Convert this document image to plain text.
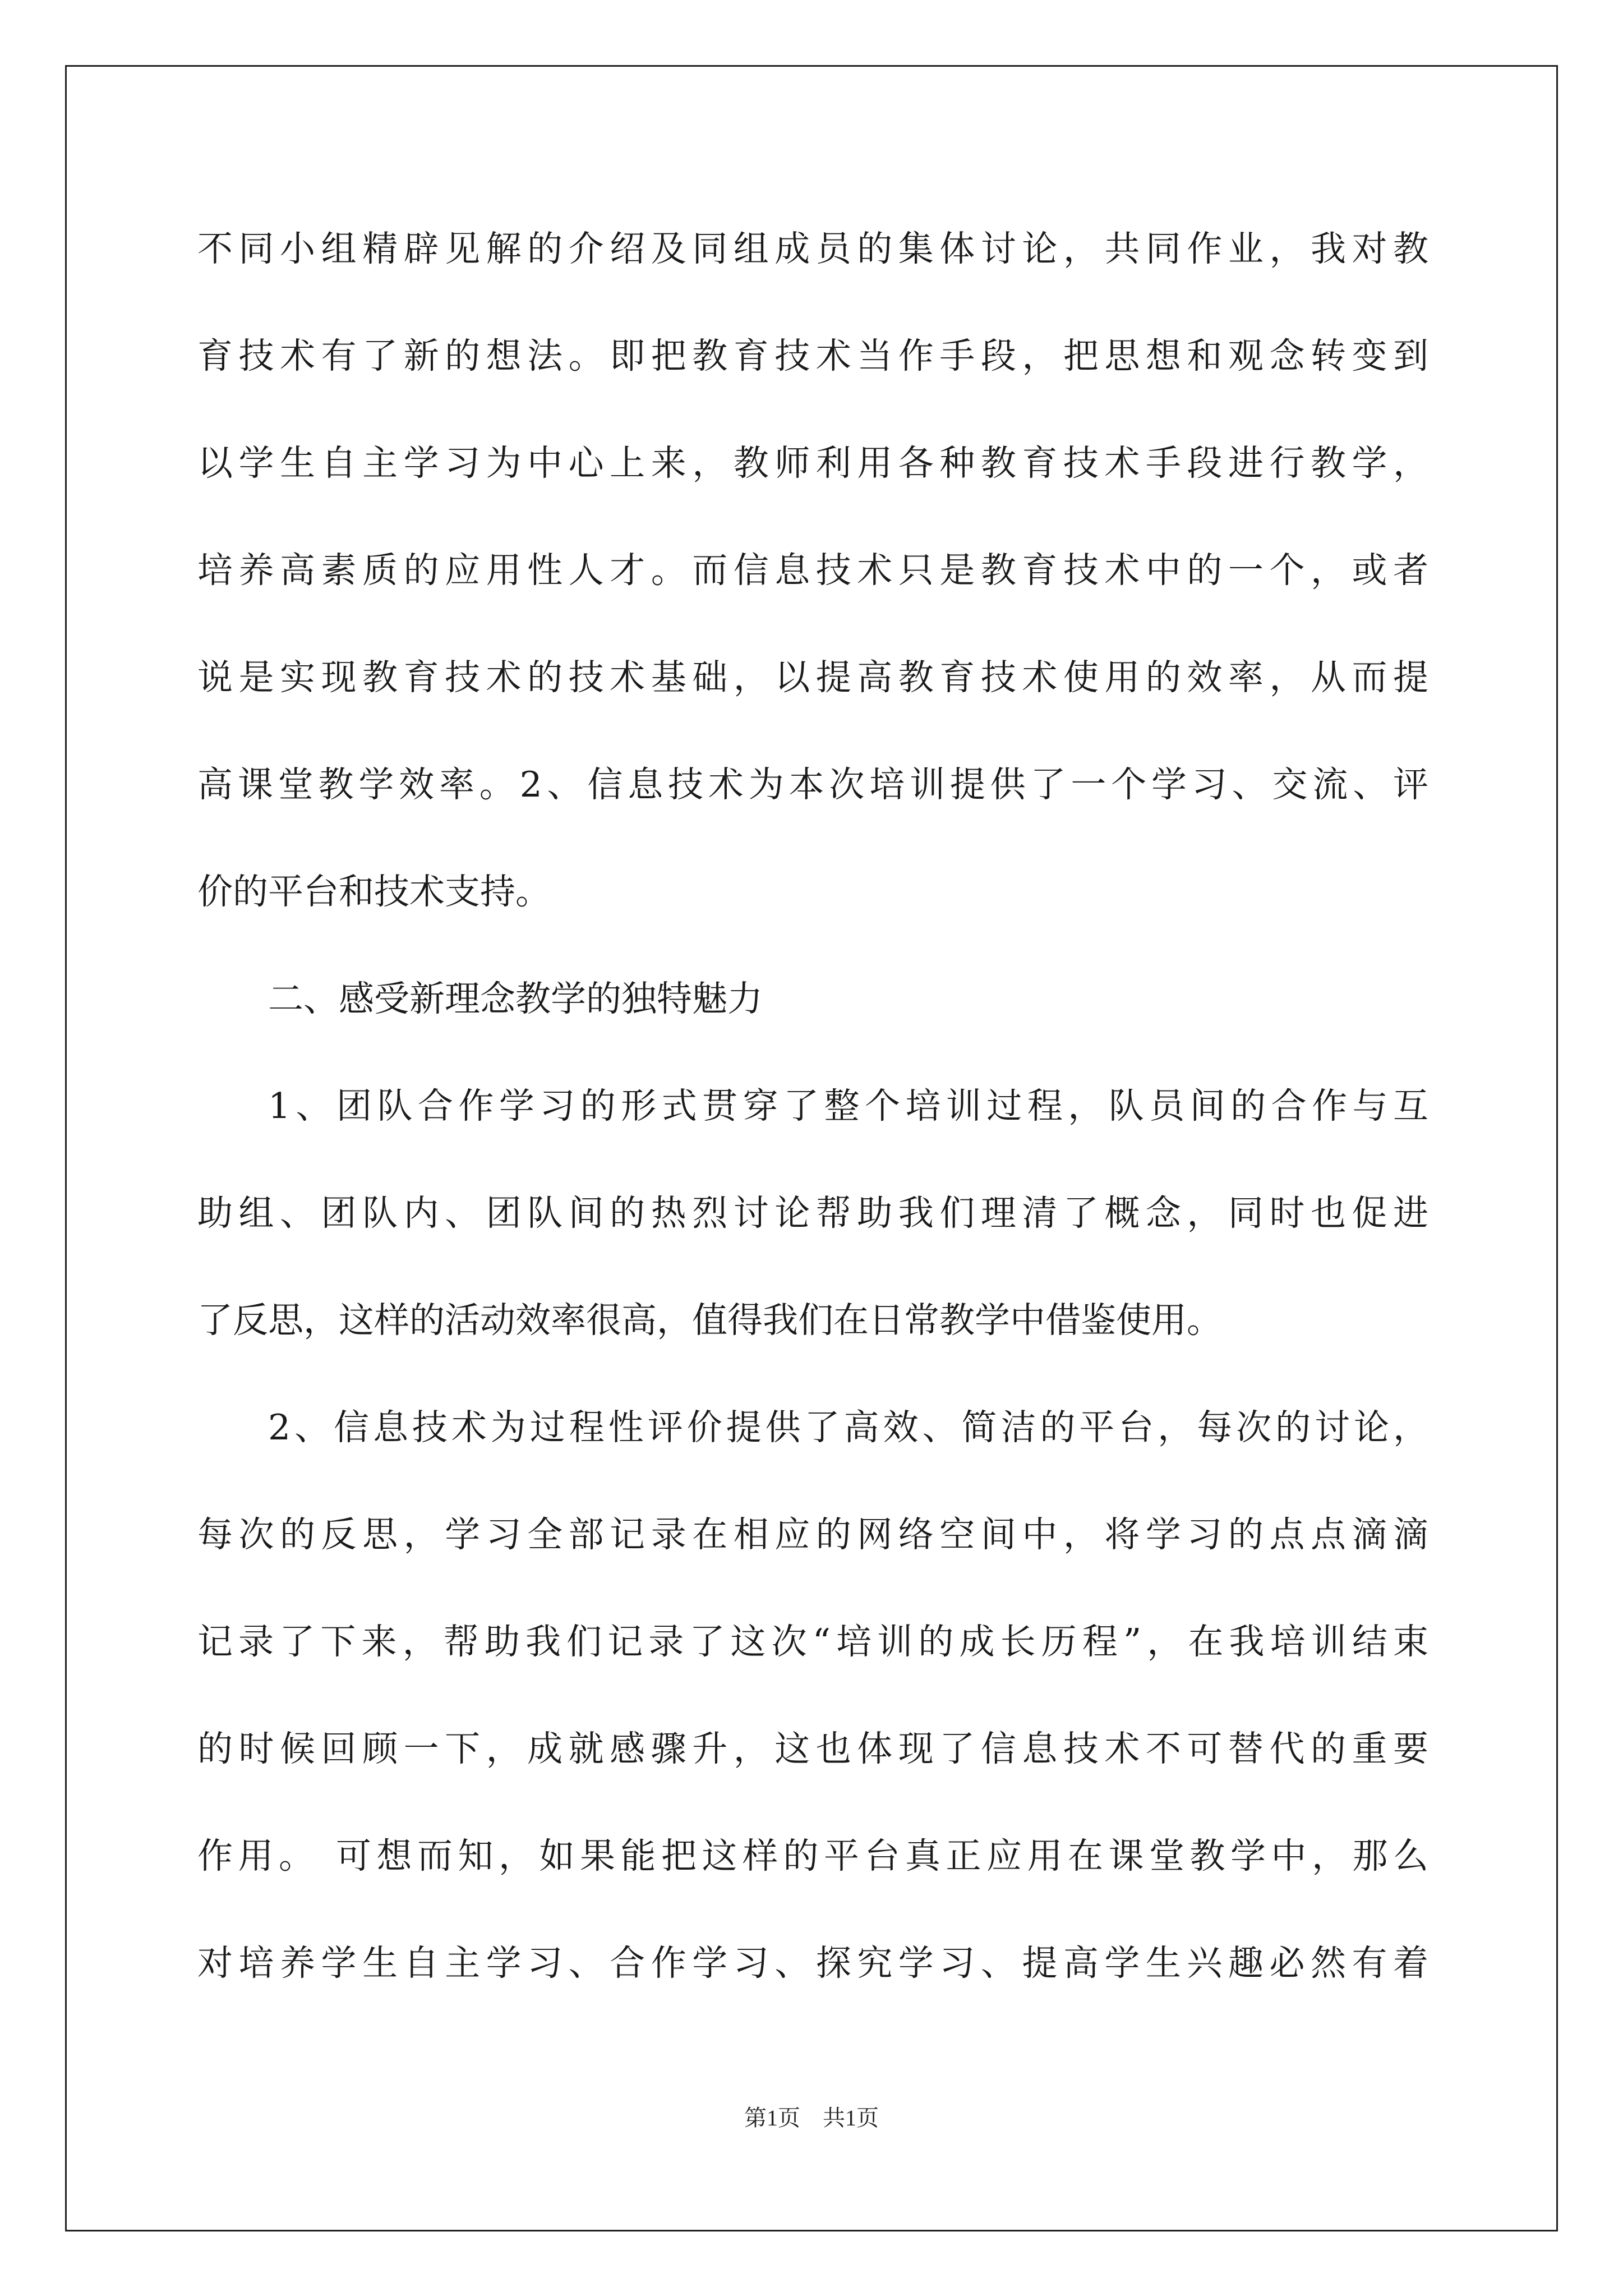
不同小组精辟见解的介绍及同组成员的集体讨论，共同作业，我对教
育技术有了新的想法。即把教育技术当作手段，把思想和观念转变到
以学生自主学习为中心上来，教师利用各种教育技术手段进行教学，
培养高素质的应用性人才。而信息技术只是教育技术中的一个，或者
说是实现教育技术的技术基础，以提高教育技术使用的效率，从而提
高课堂教学效率。2、信息技术为本次培训提供了一个学习、交流、评
价的平台和技术支持。
二、感受新理念教学的独特魅力
1、团队合作学习的形式贯穿了整个培训过程，队员间的合作与互
助组、团队内、团队间的热烈讨论帮助我们理清了概念，同时也促进
了反思，这样的活动效率很高，值得我们在日常教学中借鉴使用。
2、信息技术为过程性评价提供了高效、简洁的平台，每次的讨论，
每次的反思，学习全部记录在相应的网络空间中，将学习的点点滴滴
记录了下来，帮助我们记录了这次“培训的成长历程”，在我培训结束
的时候回顾一下，成就感骤升，这也体现了信息技术不可替代的重要
作用。 可想而知，如果能把这样的平台真正应用在课堂教学中，那么
对培养学生自主学习、合作学习、探究学习、提高学生兴趣必然有着
第1页　共1页
